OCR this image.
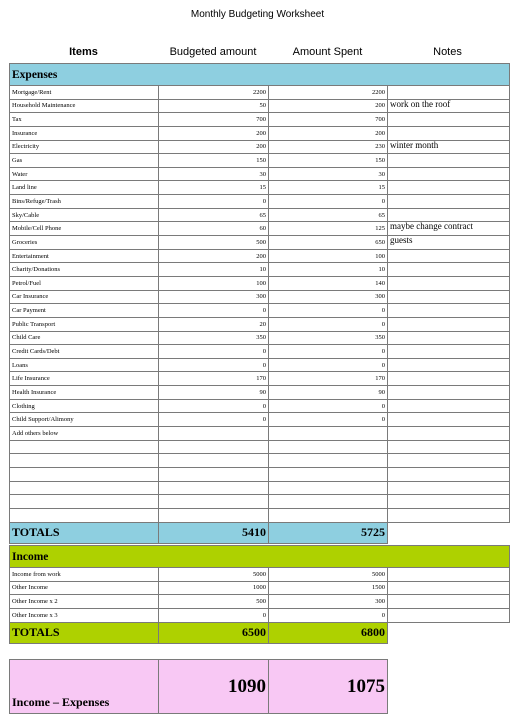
Monthly Budgeting Worksheet
Items	Budgeted amount	Amount Spent	Notes
Expenses			
Mortgage/Rent	2200	2200	
Household Maintenance	50	200	work on the roof
Tax	700	700	
Insurance	200	200	
Electricity	200	230	winter month
Gas	150	150	
Water	30	30	
Land line	15	15	
Bins/Refuge/Trash	0	0	
Sky/Cable	65	65	
Mobile/Cell Phone	60	125	maybe change contract
Groceries	500	650	guests
Entertainment	200	100	
Charity/Donations	10	10	
Petrol/Fuel	100	140	
Car Insurance	300	300	
Car Payment	0	0	
Public Transport	20	0	
Child Care	350	350	
Credit Cards/Debt	0	0	
Loans	0	0	
Life Insurance	170	170	
Health Insurance	90	90	
Clothing	0	0	
Child Support/Alimony	0	0	
Add others below			

TOTALS	5410	5725	
Income			
Income from work	5000	5000	
Other Income	1000	1500	
Other Income x 2	500	300	
Other Income x 3	0	0	
TOTALS	6500	6800	
Income – Expenses	1090	1075
